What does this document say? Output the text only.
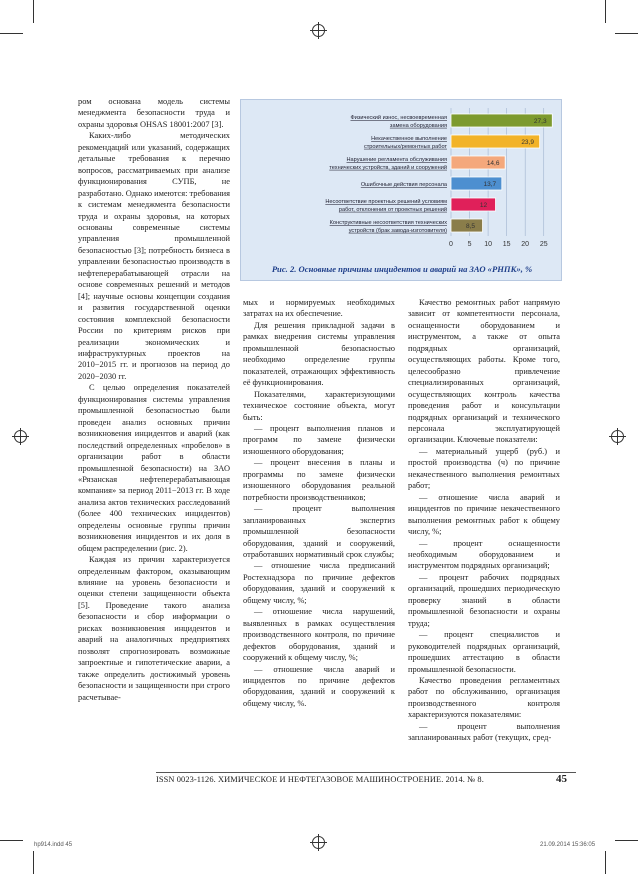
ром основана модель системы менеджмента безопасности труда и охраны здоровья OHSAS 18001:2007 [3].

Каких-либо методических рекомендаций или указаний, содержащих детальные требования к перечню вопросов, рассматриваемых при анализе функционирования СУПБ, не разработано. Однако имеются: требования к системам менеджмента безопасности труда и охраны здоровья, на которых основаны современные системы управления промышленной безопасностью [3]; потребность бизнеса в управлении безопасностью производств в нефтеперерабатывающей отрасли на основе современных решений и методов [4]; научные основы концепции создания и развития государственной оценки состояния комплексной безопасности России по критериям рисков при реализации экономических и инфраструктурных проектов на 2010−2015 гг. и прогнозов на период до 2020−2030 гг.

С целью определения показателей функционирования системы управления промышленной безопасностью были проведен анализ основных причин возникновения инцидентов и аварий (как последствий определенных «пробелов» в организации работ в области промышленной безопасности) на ЗАО «Рязанская нефтеперерабатывающая компания» за период 2011−2013 гг. В ходе анализа актов технических расследований (более 400 технических инцидентов) определены основные группы причин возникновения инцидентов и их доля в общем распределении (рис. 2).

Каждая из причин характеризуется определенным фактором, оказывающим влияние на уровень безопасности и оценки степени защищенности объекта [5]. Проведение такого анализа безопасности и сбор информации о рисках возникновения инцидентов и аварий на аналогичных предприятиях позволят спрогнозировать возможные запроектные и гипотетические аварии, а также определить достижимый уровень безопасности и защищенности при строго расчетывае-

0 5 10 15 20 25
27,3
Физический износ, несвоевременная
замена оборудования
23,9
Некачественное выполнение
строительных/ремонтных работ
14,6
Нарушение регламента обслуживания
технических устройств, зданий и сооружений
13,7
Ошибочные действия персонала
12
Несоответствие проектных решений условиям
работ, отклонения от проектных решений
8,5
Конструктивные несоответствия технических
устройств (брак завода-изготовителя)
Рис. 2. Основные причины инцидентов и аварий на ЗАО «РНПК», %

мых и нормируемых необходимых затратах на их обеспечение.

Для решения прикладной задачи в рамках внедрения системы управления промышленной безопасностью необходимо определение группы показателей, отражающих эффективность её функционирования.

Показателями, характеризующими техническое состояние объекта, могут быть:

— процент выполнения планов и программ по замене физически изношенного оборудования;

— процент внесения в планы и программы по замене физически изношенного оборудования реальной потребности производственников;

— процент выполнения запланированных экспертиз промышленной безопасности оборудования, зданий и сооружений, отработавших нормативный срок службы;

— отношение числа предписаний Ростехнадзора по причине дефектов оборудования, зданий и сооружений к общему числу, %;

— отношение числа нарушений, выявленных в рамках осуществления производственного контроля, по причине дефектов оборудования, зданий и сооружений к общему числу, %;

— отношение числа аварий и инцидентов по причине дефектов оборудования, зданий и сооружений к общему числу, %.

Качество ремонтных работ напрямую зависит от компетентности персонала, оснащенности оборудованием и инструментом, а также от опыта подрядных организаций, осуществляющих работы. Кроме того, целесообразно привлечение специализированных организаций, осуществляющих контроль качества проведения работ и консультации подрядных организаций и технического персонала эксплуатирующей организации. Ключевые показатели:

— материальный ущерб (руб.) и простой производства (ч) по причине некачественного выполнения ремонтных работ;

— отношение числа аварий и инцидентов по причине некачественного выполнения ремонтных работ к общему числу, %;

— процент оснащенности необходимым оборудованием и инструментом подрядных организаций;

— процент рабочих подрядных организаций, прошедших периодическую проверку знаний в области промышленной безопасности и охраны труда;

— процент специалистов и руководителей подрядных организаций, прошедших аттестацию в области промышленной безопасности.

Качество проведения регламентных работ по обслуживанию, организация производственного контроля характеризуются показателями:

— процент выполнения запланированных работ (текущих, сред-

ISSN 0023-1126. ХИМИЧЕСКОЕ И НЕФТЕГАЗОВОЕ МАШИНОСТРОЕНИЕ. 2014. № 8.	45
hp914.indd 45	21.09.2014 15:36:05
